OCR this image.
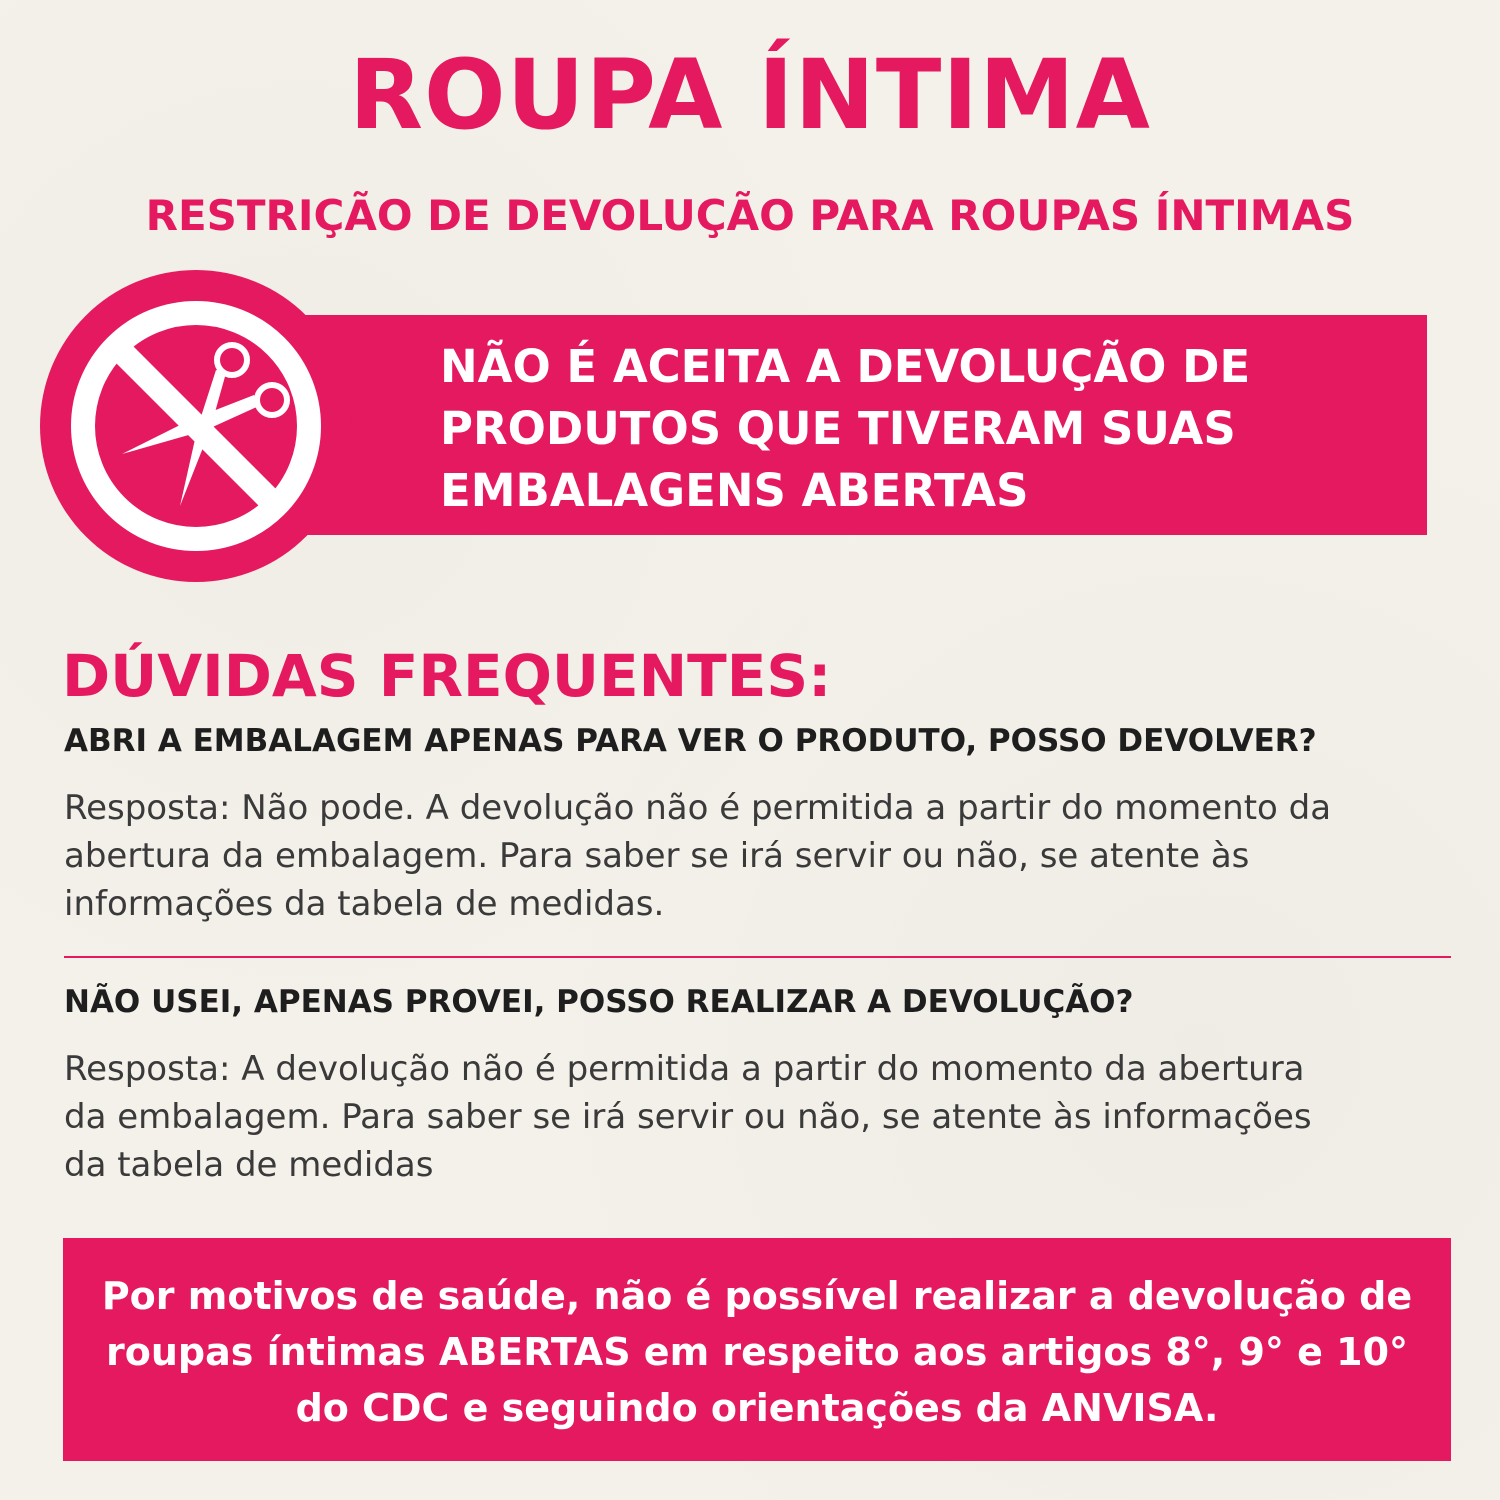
ROUPA ÍNTIMA
RESTRIÇÃO DE DEVOLUÇÃO PARA ROUPAS ÍNTIMAS
NÃO É ACEITA A DEVOLUÇÃO DE
PRODUTOS QUE TIVERAM SUAS
EMBALAGENS ABERTAS
DÚVIDAS FREQUENTES:
ABRI A EMBALAGEM APENAS PARA VER O PRODUTO, POSSO DEVOLVER?
Resposta: Não pode. A devolução não é permitida a partir do momento da
abertura da embalagem. Para saber se irá servir ou não, se atente às
informações da tabela de medidas.
NÃO USEI, APENAS PROVEI, POSSO REALIZAR A DEVOLUÇÃO?
Resposta: A devolução não é permitida a partir do momento da abertura
da embalagem. Para saber se irá servir ou não, se atente às informações
da tabela de medidas
Por motivos de saúde, não é possível realizar a devolução de
roupas íntimas ABERTAS em respeito aos artigos 8°, 9° e 10°
do CDC e seguindo orientações da ANVISA.
